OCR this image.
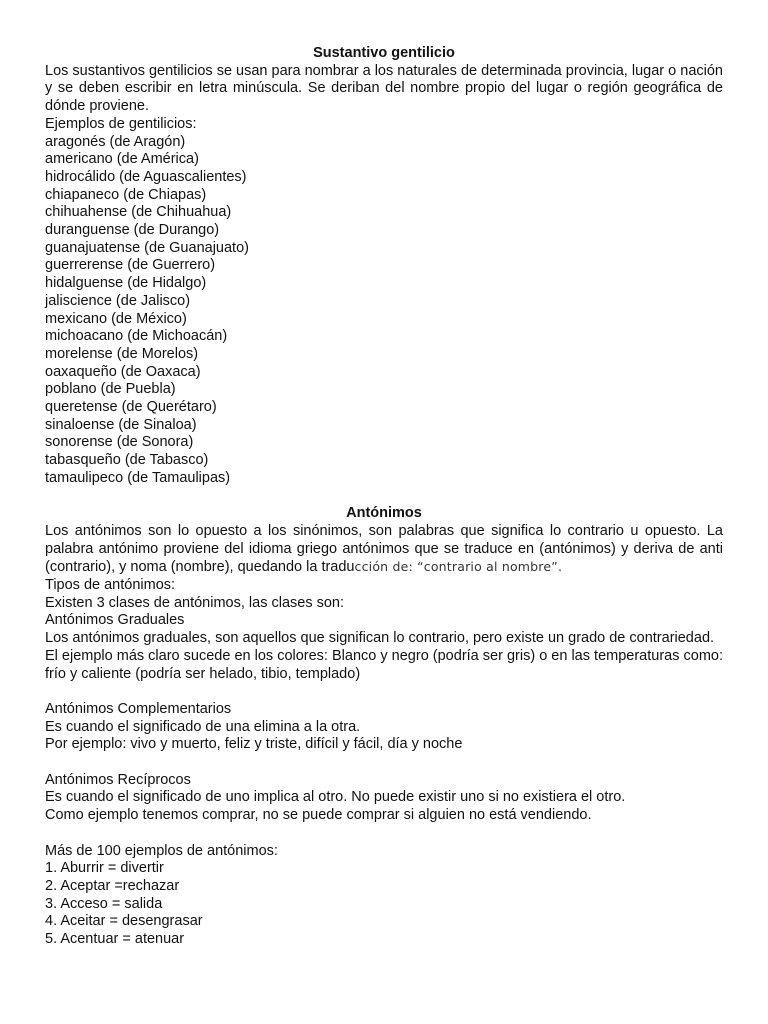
Sustantivo gentilicio

Los sustantivos gentilicios se usan para nombrar a los naturales de determinada provincia, lugar o nación y se deben escribir en letra minúscula. Se deriban del nombre propio del lugar o región geográfica de dónde proviene.

Ejemplos de gentilicios:

aragonés (de Aragón)
americano (de América)
hidrocálido (de Aguascalientes)
chiapaneco (de Chiapas)
chihuahense (de Chihuahua)
duranguense (de Durango)
guanajuatense (de Guanajuato)
guerrerense (de Guerrero)
hidalguense (de Hidalgo)
jaliscience (de Jalisco)
mexicano (de México)
michoacano (de Michoacán)
morelense (de Morelos)
oaxaqueño (de Oaxaca)
poblano (de Puebla)
queretense (de Querétaro)
sinaloense (de Sinaloa)
sonorense (de Sonora)
tabasqueño (de Tabasco)
tamaulipeco (de Tamaulipas)

Antónimos

Los antónimos son lo opuesto a los sinónimos, son palabras que significa lo contrario u opuesto. La palabra antónimo proviene del idioma griego antónimos que se traduce en (antónimos) y deriva de anti (contrario), y noma (nombre), quedando la traducción de: “contrario al nombre”.

Tipos de antónimos:

Existen 3 clases de antónimos, las clases son:

Antónimos Graduales

Los antónimos graduales, son aquellos que significan lo contrario, pero existe un grado de contrariedad.

El ejemplo más claro sucede en los colores: Blanco y negro (podría ser gris) o en las temperaturas como: frío y caliente (podría ser helado, tibio, templado)

Antónimos Complementarios

Es cuando el significado de una elimina a la otra.

Por ejemplo: vivo y muerto, feliz y triste, difícil y fácil, día y noche

Antónimos Recíprocos

Es cuando el significado de uno implica al otro. No puede existir uno si no existiera el otro.

Como ejemplo tenemos comprar, no se puede comprar si alguien no está vendiendo.

Más de 100 ejemplos de antónimos:

1. Aburrir = divertir
2. Aceptar =rechazar
3. Acceso = salida
4. Aceitar = desengrasar
5. Acentuar = atenuar
